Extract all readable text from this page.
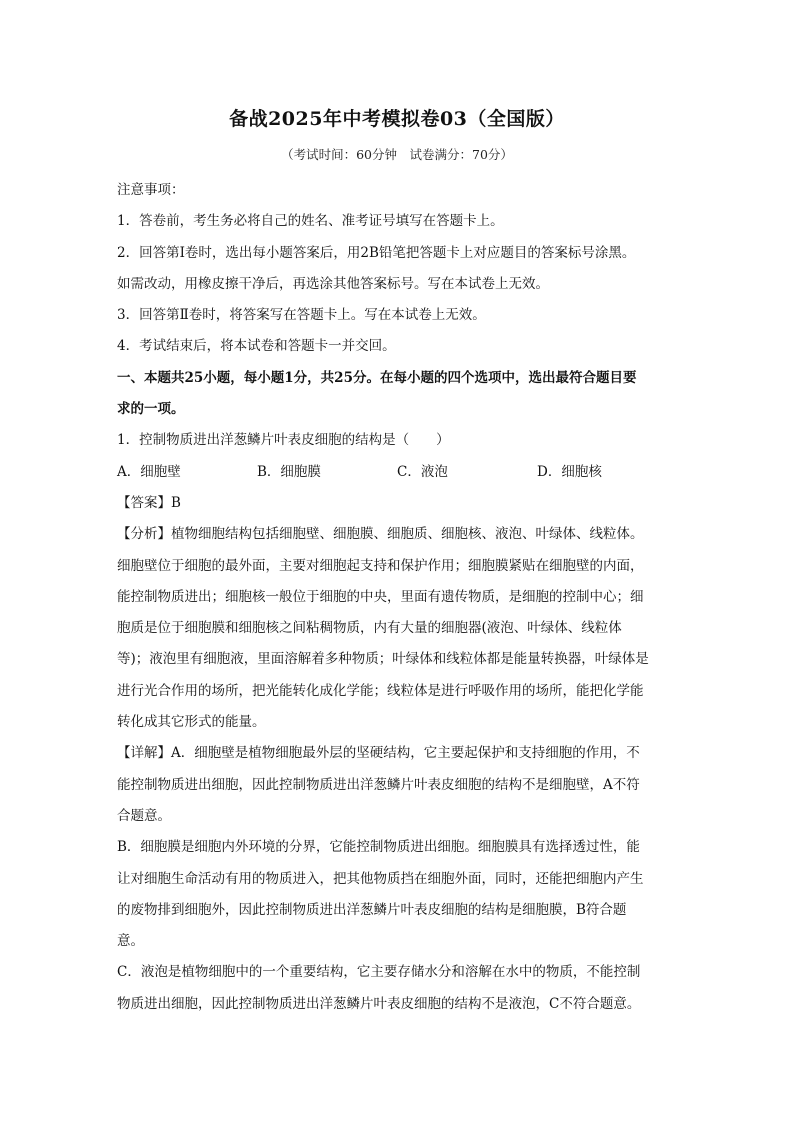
备战2025年中考模拟卷03（全国版）
（考试时间：60分钟　试卷满分：70分）
注意事项：
1．答卷前，考生务必将自己的姓名、准考证号填写在答题卡上。
2．回答第Ⅰ卷时，选出每小题答案后，用2B铅笔把答题卡上对应题目的答案标号涂黑。
如需改动，用橡皮擦干净后，再选涂其他答案标号。写在本试卷上无效。
3．回答第Ⅱ卷时，将答案写在答题卡上。写在本试卷上无效。
4．考试结束后，将本试卷和答题卡一并交回。
一、本题共25小题，每小题1分，共25分。在每小题的四个选项中，选出最符合题目要
求的一项。
1．控制物质进出洋葱鳞片叶表皮细胞的结构是（　　）
A．细胞壁	B．细胞膜	C．液泡	D．细胞核
【答案】B
【分析】植物细胞结构包括细胞壁、细胞膜、细胞质、细胞核、液泡、叶绿体、线粒体。
细胞壁位于细胞的最外面，主要对细胞起支持和保护作用；细胞膜紧贴在细胞壁的内面，
能控制物质进出；细胞核一般位于细胞的中央，里面有遗传物质，是细胞的控制中心；细
胞质是位于细胞膜和细胞核之间粘稠物质，内有大量的细胞器(液泡、叶绿体、线粒体
等)；液泡里有细胞液，里面溶解着多种物质；叶绿体和线粒体都是能量转换器，叶绿体是
进行光合作用的场所，把光能转化成化学能；线粒体是进行呼吸作用的场所，能把化学能
转化成其它形式的能量。
【详解】A．细胞壁是植物细胞最外层的坚硬结构，它主要起保护和支持细胞的作用，不
能控制物质进出细胞，因此控制物质进出洋葱鳞片叶表皮细胞的结构不是细胞壁，A不符
合题意。
B．细胞膜是细胞内外环境的分界，它能控制物质进出细胞。细胞膜具有选择透过性，能
让对细胞生命活动有用的物质进入，把其他物质挡在细胞外面，同时，还能把细胞内产生
的废物排到细胞外，因此控制物质进出洋葱鳞片叶表皮细胞的结构是细胞膜，B符合题
意。
C．液泡是植物细胞中的一个重要结构，它主要存储水分和溶解在水中的物质，不能控制
物质进出细胞，因此控制物质进出洋葱鳞片叶表皮细胞的结构不是液泡，C不符合题意。
